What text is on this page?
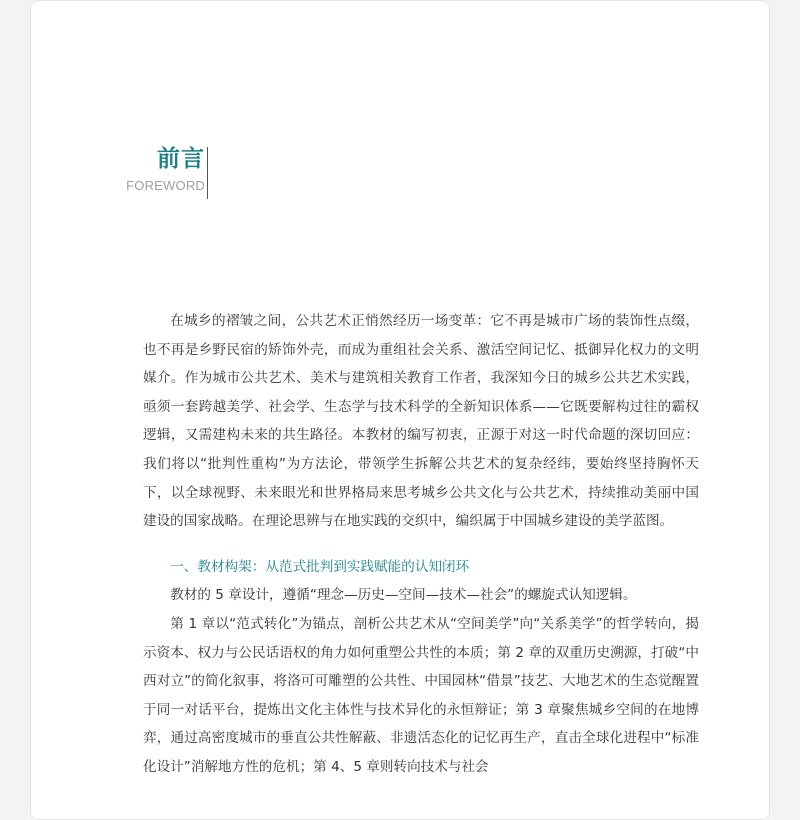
前言
FOREWORD

在城乡的褶皱之间，公共艺术正悄然经历一场变革：它不再是城市广场的装饰性点缀，也不再是乡野民宿的矫饰外壳，而成为重组社会关系、激活空间记忆、抵御异化权力的文明媒介。作为城市公共艺术、美术与建筑相关教育工作者，我深知今日的城乡公共艺术实践，亟须一套跨越美学、社会学、生态学与技术科学的全新知识体系——它既要解构过往的霸权逻辑，又需建构未来的共生路径。本教材的编写初衷，正源于对这一时代命题的深切回应：我们将以“批判性重构”为方法论，带领学生拆解公共艺术的复杂经纬，要始终坚持胸怀天下，以全球视野、未来眼光和世界格局来思考城乡公共文化与公共艺术，持续推动美丽中国建设的国家战略。在理论思辨与在地实践的交织中，编织属于中国城乡建设的美学蓝图。

一、教材构架：从范式批判到实践赋能的认知闭环

教材的 5 章设计，遵循“理念—历史—空间—技术—社会”的螺旋式认知逻辑。

第 1 章以“范式转化”为锚点，剖析公共艺术从“空间美学”向“关系美学”的哲学转向，揭示资本、权力与公民话语权的角力如何重塑公共性的本质；第 2 章的双重历史溯源，打破“中西对立”的简化叙事，将洛可可雕塑的公共性、中国园林“借景”技艺、大地艺术的生态觉醒置于同一对话平台，提炼出文化主体性与技术异化的永恒辩证；第 3 章聚焦城乡空间的在地博弈，通过高密度城市的垂直公共性解蔽、非遗活态化的记忆再生产，直击全球化进程中“标准化设计”消解地方性的危机；第 4、5 章则转向技术与社会
